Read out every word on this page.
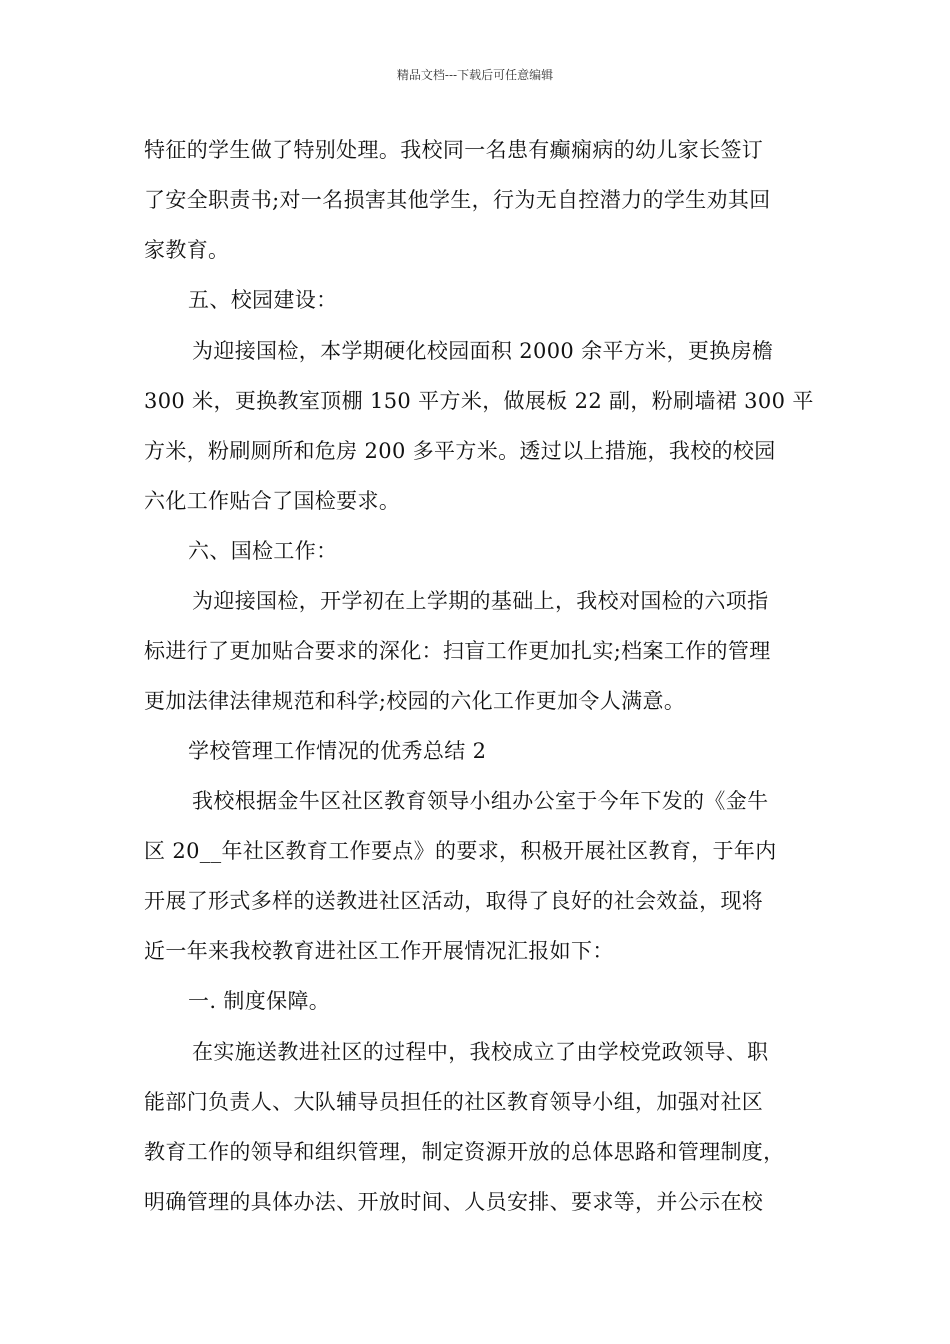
精品文档---下载后可任意编辑
特征的学生做了特别处理。我校同一名患有癫痫病的幼儿家长签订
了安全职责书;对一名损害其他学生，行为无自控潜力的学生劝其回
家教育。
五、校园建设：
为迎接国检，本学期硬化校园面积 2000 余平方米，更换房檐
300 米，更换教室顶棚 150 平方米，做展板 22 副，粉刷墙裙 300 平
方米，粉刷厕所和危房 200 多平方米。透过以上措施，我校的校园
六化工作贴合了国检要求。
六、国检工作：
为迎接国检，开学初在上学期的基础上，我校对国检的六项指
标进行了更加贴合要求的深化：扫盲工作更加扎实;档案工作的管理
更加法律法律规范和科学;校园的六化工作更加令人满意。
学校管理工作情况的优秀总结 2
我校根据金牛区社区教育领导小组办公室于今年下发的《金牛
区 20__年社区教育工作要点》的要求，积极开展社区教育，于年内
开展了形式多样的送教进社区活动，取得了良好的社会效益，现将
近一年来我校教育进社区工作开展情况汇报如下：
一. 制度保障。
在实施送教进社区的过程中，我校成立了由学校党政领导、职
能部门负责人、大队辅导员担任的社区教育领导小组，加强对社区
教育工作的领导和组织管理，制定资源开放的总体思路和管理制度，
明确管理的具体办法、开放时间、人员安排、要求等，并公示在校
